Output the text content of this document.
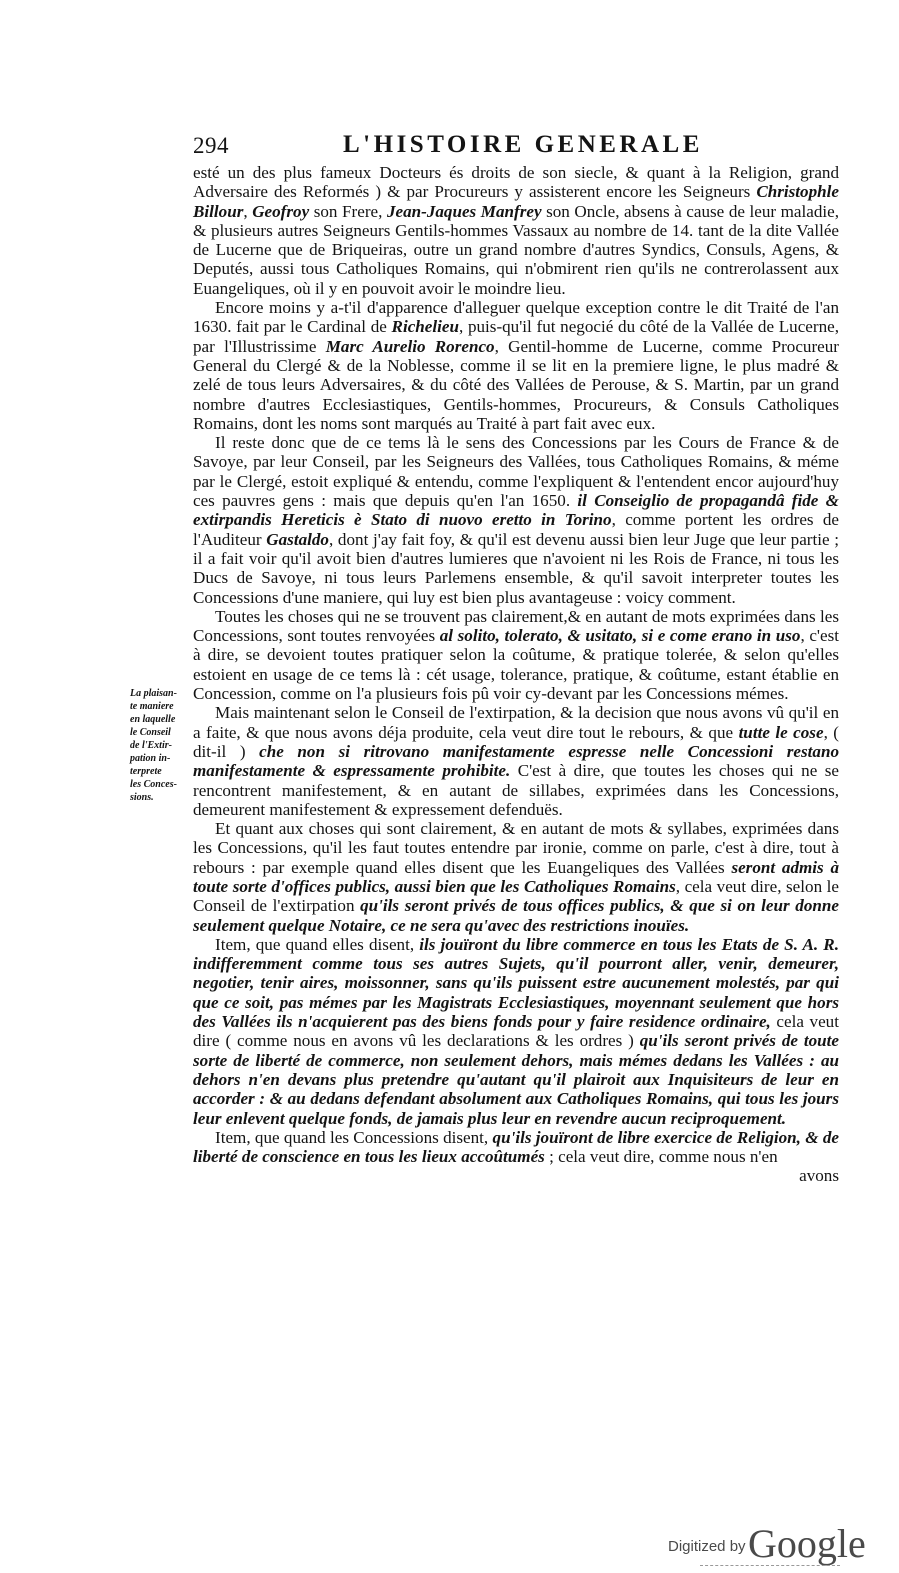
294	L'HISTOIRE GENERALE
La plaisan-
te maniere
en laquelle
le Conseil
de l'Extir-
pation in-
terprete
les Conces-
sions.

esté un des plus fameux Docteurs és droits de son siecle, & quant à la Religion, grand Adversaire des Reformés ) & par Procureurs y assisterent encore les Seigneurs Christophle Billour, Geofroy son Frere, Jean-Jaques Manfrey son Oncle, absens à cause de leur maladie, & plusieurs autres Seigneurs Gentils-hommes Vassaux au nombre de 14. tant de la dite Vallée de Lucerne que de Briqueiras, outre un grand nombre d'autres Syndics, Consuls, Agens, & Deputés, aussi tous Catholiques Romains, qui n'obmirent rien qu'ils ne contrerolassent aux Euangeliques, où il y en pouvoit avoir le moindre lieu.

Encore moins y a-t'il d'apparence d'alleguer quelque exception contre le dit Traité de l'an 1630. fait par le Cardinal de Richelieu, puis-qu'il fut negocié du côté de la Vallée de Lucerne, par l'Illustrissime Marc Aurelio Rorenco, Gentil-homme de Lucerne, comme Procureur General du Clergé & de la Noblesse, comme il se lit en la premiere ligne, le plus madré & zelé de tous leurs Adversaires, & du côté des Vallées de Perouse, & S. Martin, par un grand nombre d'autres Ecclesiastiques, Gentils-hommes, Procureurs, & Consuls Catholiques Romains, dont les noms sont marqués au Traité à part fait avec eux.

Il reste donc que de ce tems là le sens des Concessions par les Cours de France & de Savoye, par leur Conseil, par les Seigneurs des Vallées, tous Catholiques Romains, & méme par le Clergé, estoit expliqué & entendu, comme l'expliquent & l'entendent encor aujourd'huy ces pauvres gens : mais que depuis qu'en l'an 1650. il Conseiglio de propagandâ fide & extirpandis Hereticis è Stato di nuovo eretto in Torino, comme portent les ordres de l'Auditeur Gastaldo, dont j'ay fait foy, & qu'il est devenu aussi bien leur Juge que leur partie ; il a fait voir qu'il avoit bien d'autres lumieres que n'avoient ni les Rois de France, ni tous les Ducs de Savoye, ni tous leurs Parlemens ensemble, & qu'il savoit interpreter toutes les Concessions d'une maniere, qui luy est bien plus avantageuse : voicy comment.

Toutes les choses qui ne se trouvent pas clairement,& en autant de mots exprimées dans les Concessions, sont toutes renvoyées al solito, tolerato, & usitato, si e come erano in uso, c'est à dire, se devoient toutes pratiquer selon la coûtume, & pratique tolerée, & selon qu'elles estoient en usage de ce tems là : cét usage, tolerance, pratique, & coûtume, estant établie en Concession, comme on l'a plusieurs fois pû voir cy-devant par les Concessions mémes.

Mais maintenant selon le Conseil de l'extirpation, & la decision que nous avons vû qu'il en a faite, & que nous avons déja produite, cela veut dire tout le rebours, & que tutte le cose, ( dit-il ) che non si ritrovano manifestamente espresse nelle Concessioni restano manifestamente & espressamente prohibite. C'est à dire, que toutes les choses qui ne se rencontrent manifestement, & en autant de sillabes, exprimées dans les Concessions, demeurent manifestement & expressement defenduës.

Et quant aux choses qui sont clairement, & en autant de mots & syllabes, exprimées dans les Concessions, qu'il les faut toutes entendre par ironie, comme on parle, c'est à dire, tout à rebours : par exemple quand elles disent que les Euangeliques des Vallées seront admis à toute sorte d'offices publics, aussi bien que les Catholiques Romains, cela veut dire, selon le Conseil de l'extirpation qu'ils seront privés de tous offices publics, & que si on leur donne seulement quelque Notaire, ce ne sera qu'avec des restrictions inouïes.

Item, que quand elles disent, ils jouïront du libre commerce en tous les Etats de S. A. R. indifferemment comme tous ses autres Sujets, qu'il pourront aller, venir, demeurer, negotier, tenir aires, moissonner, sans qu'ils puissent estre aucunement molestés, par qui que ce soit, pas mémes par les Magistrats Ecclesiastiques, moyennant seulement que hors des Vallées ils n'acquierent pas des biens fonds pour y faire residence ordinaire, cela veut dire ( comme nous en avons vû les declarations & les ordres ) qu'ils seront privés de toute sorte de liberté de commerce, non seulement dehors, mais mémes dedans les Vallées : au dehors n'en devans plus pretendre qu'autant qu'il plairoit aux Inquisiteurs de leur en accorder : & au dedans defendant absolument aux Catholiques Romains, qui tous les jours leur enlevent quelque fonds, de jamais plus leur en revendre aucun reciproquement.

Item, que quand les Concessions disent, qu'ils jouïront de libre exercice de Religion, & de liberté de conscience en tous les lieux accoûtumés ; cela veut dire, comme nous n'en

avons

Digitized by Google
